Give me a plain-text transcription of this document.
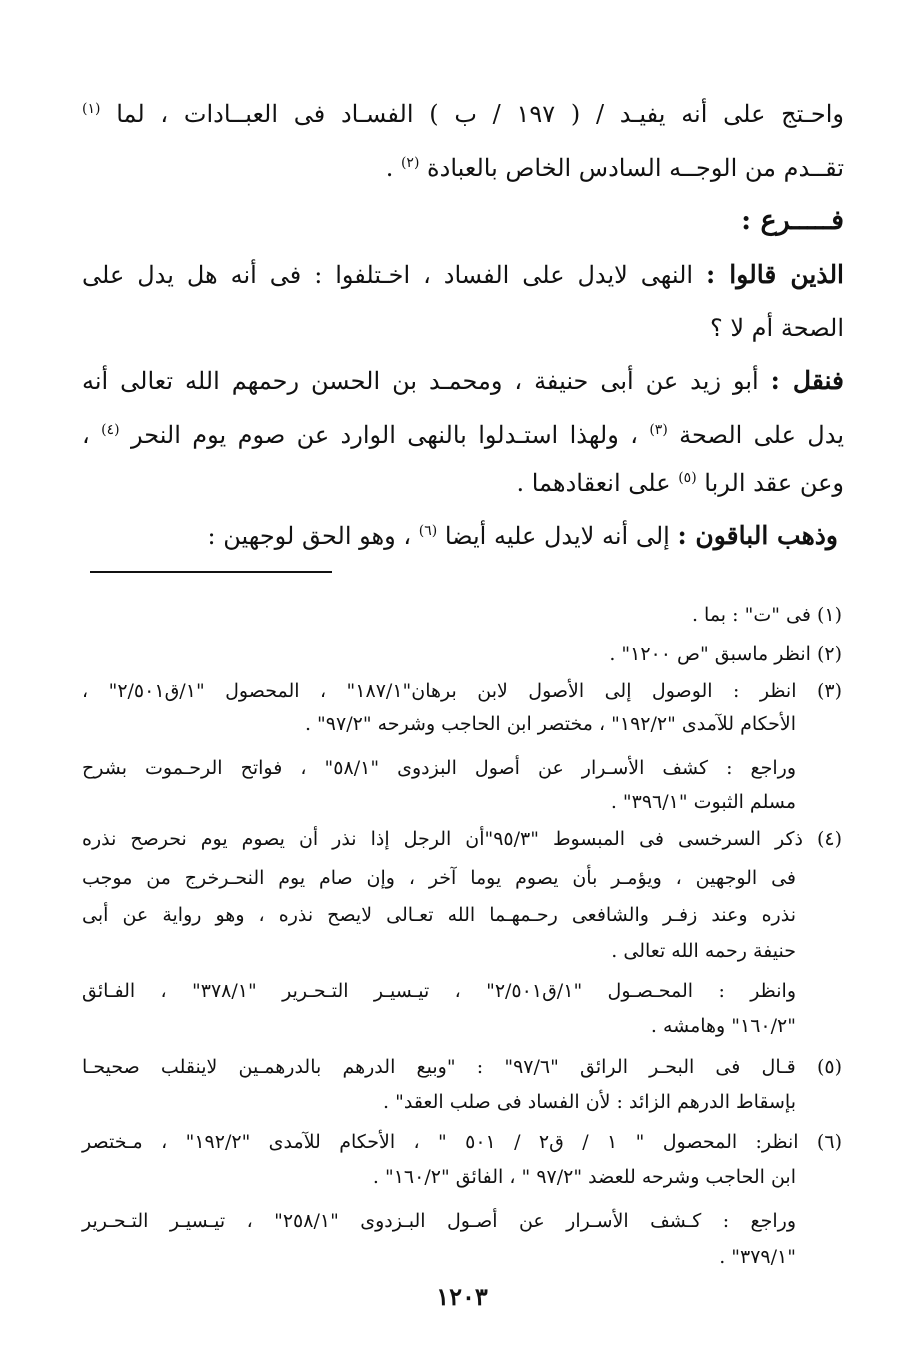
واحـتج على أنه يفيـد / ( ١٩٧ / ب ) الفسـاد فى العبــادات ، لما $^{(١)}$
تقــدم من الوجــه السادس الخاص بالعبادة $^{(٢)}$ .
فـــــرع :
الذين قالوا : النهى لايدل على الفساد ، اخـتلفوا : فى أنه هل يدل على
الصحة أم لا ؟
فنقل : أبو زيد عن أبى حنيفة ، ومحمـد بن الحسن رحمهم الله تعالى أنه
يدل على الصحة $^{(٣)}$ ، ولهذا استـدلوا بالنهى الوارد عن صوم يوم النحر $^{(٤)}$ ،
وعن عقد الربا $^{(٥)}$ على انعقادهما .
وذهب الباقون : إلى أنه لايدل عليه أيضا $^{(٦)}$ ، وهو الحق لوجهين :
(١) فى "ت" : بما .
(٢) انظر ماسبق "ص ١٢٠٠" .
(٣) انظر : الوصول إلى الأصول لابن برهان"١٨٧/١" ، المحصول "١/ق٢/٥٠١" ،
الأحكام للآمدى "١٩٢/٢" ، مختصر ابن الحاجب وشرحه "٩٧/٢" .
وراجع : كشف الأسـرار عن أصول البزدوى "٥٨/١" ، فواتح الرحـموت بشرح
مسلم الثبوت "٣٩٦/١" .
(٤) ذكر السرخسى فى المبسوط "٩٥/٣"أن الرجل إذا نذر أن يصوم يوم نحرصح نذره
فى الوجهين ، ويؤمـر بأن يصوم يوما آخر ، وإن صام يوم النحـرخرج من موجب
نذره وعند زفـر والشافعى رحـمهـما الله تعـالى لايصح نذره ، وهو رواية عن أبى
حنيفة رحمه الله تعالى .
وانظر : المحـصـول "١/ق٢/٥٠١" ، تيـسيـر التـحـرير "٣٧٨/١" ، الفـائق
"١٦٠/٢" وهامشه .
(٥) قـال فى البحـر الرائق "٩٧/٦" : "وبيع الدرهم بالدرهمـين لاينقلب صحيحـا
بإسقاط الدرهم الزائد : لأن الفساد فى صلب العقد" .
(٦) انظر: المحصول " ١ / ق٢ / ٥٠١ " ، الأحكام للآمدى "١٩٢/٢" ، مـختصر
ابن الحاجب وشرحه للعضد "٩٧/٢ " ، الفائق "١٦٠/٢" .
وراجع : كـشف الأسـرار عن أصـول البـزدوى "٢٥٨/١" ، تيـسيـر التـحـرير
"٣٧٩/١" .
١٢٠٣
